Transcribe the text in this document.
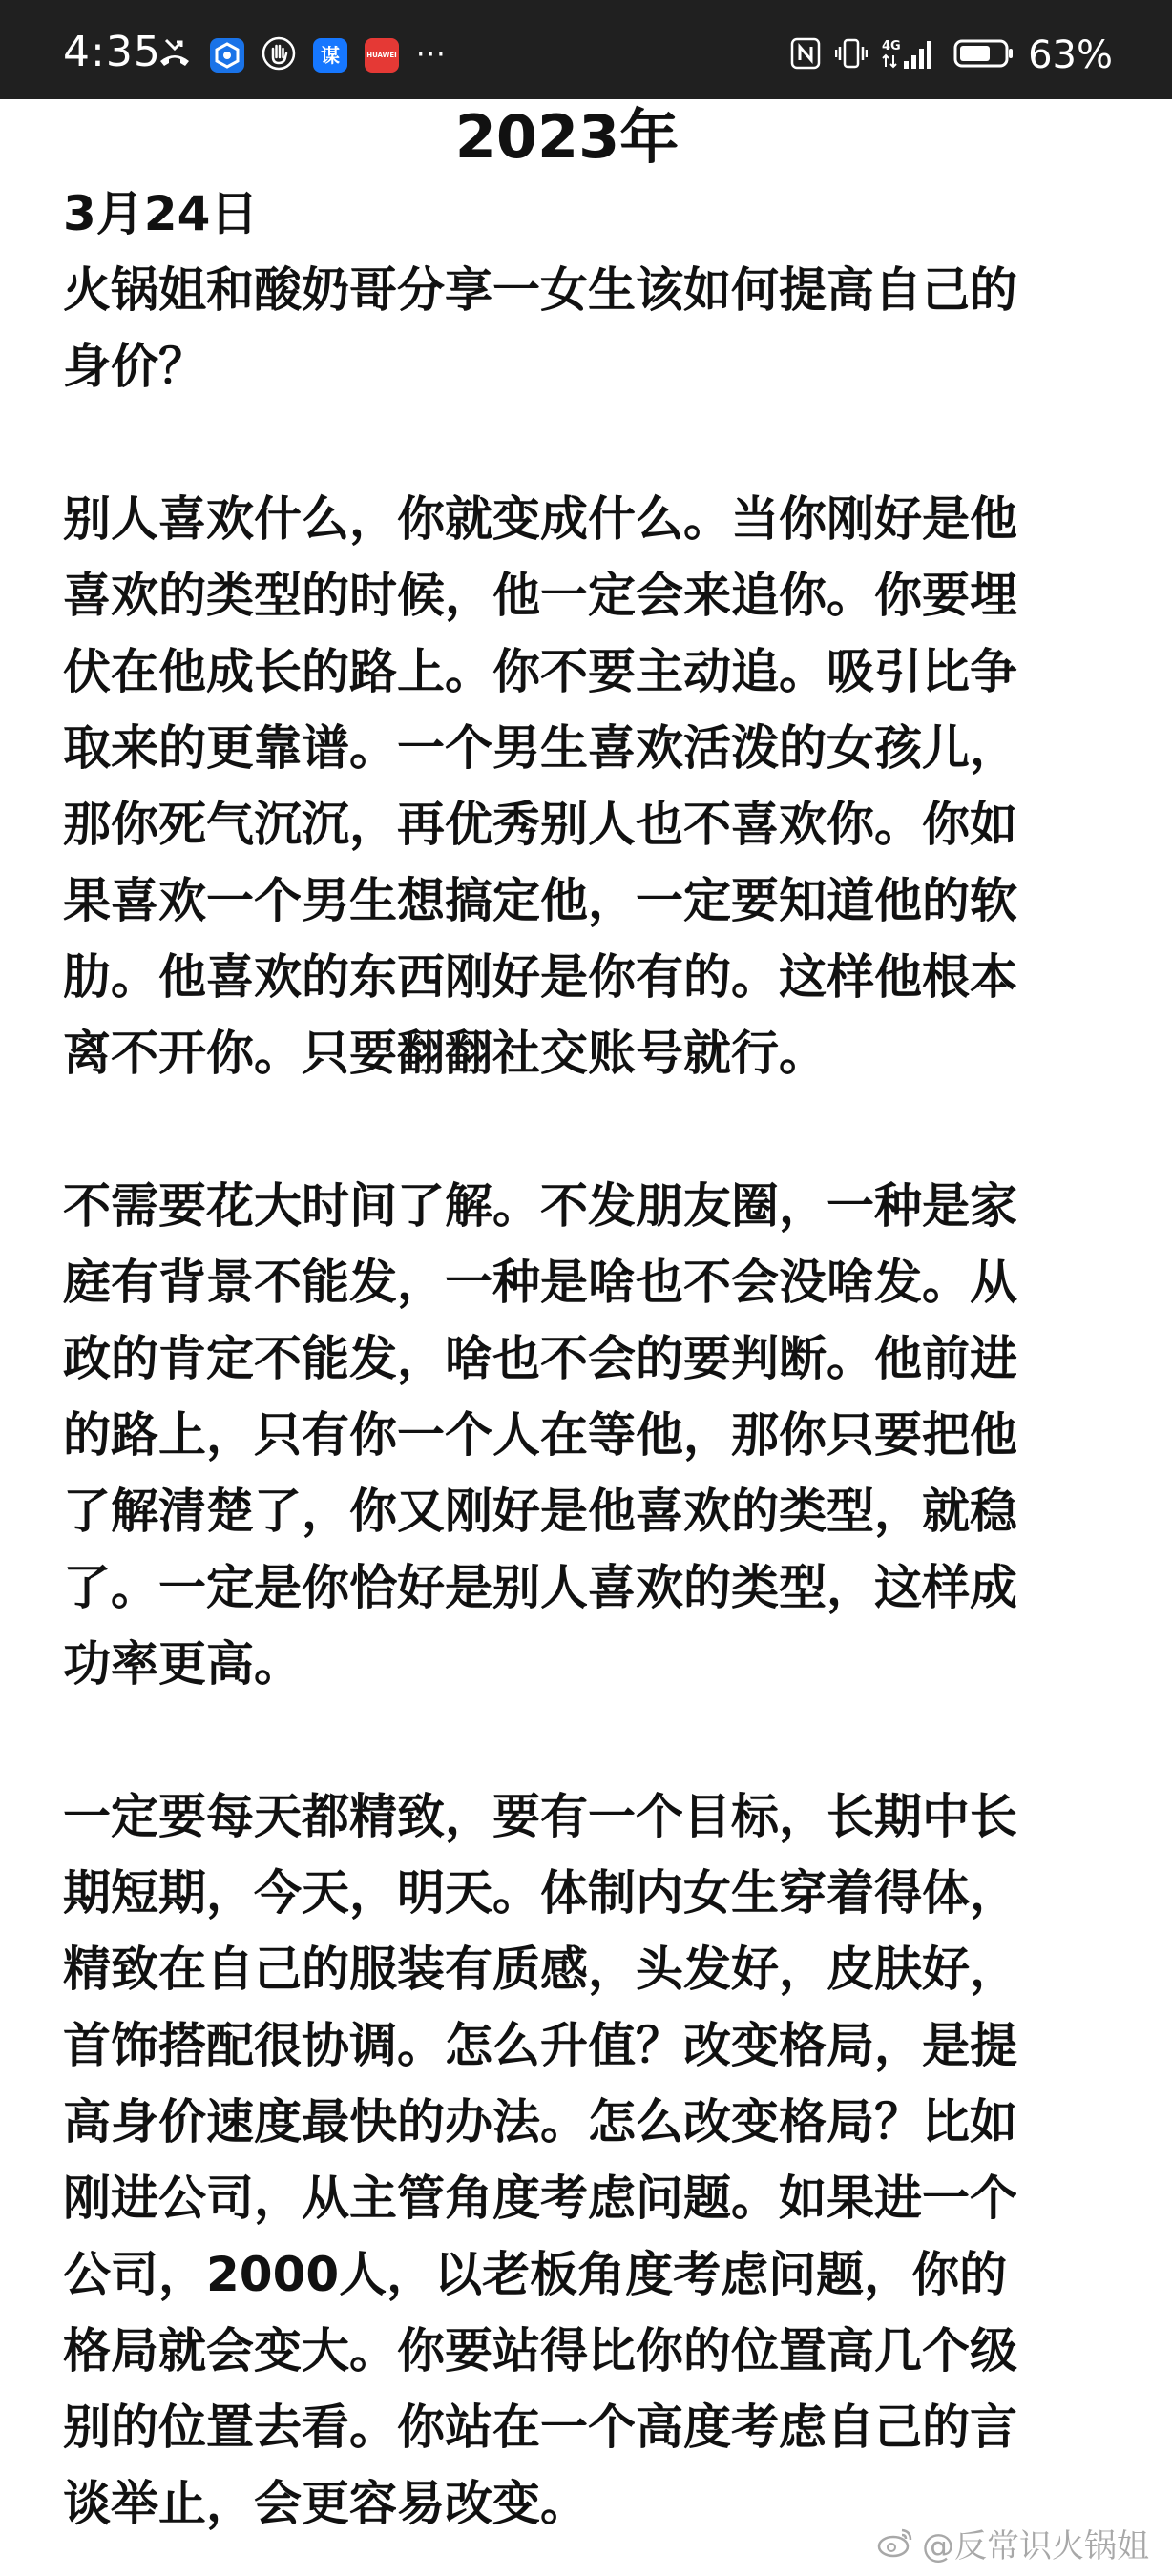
4:35	谋	HUAWEI ···	4G	63%
2023年
3月24日
火锅姐和酸奶哥分享一女生该如何提高自己的
身价？
别人喜欢什么，你就变成什么。当你刚好是他
喜欢的类型的时候，他一定会来追你。你要埋
伏在他成长的路上。你不要主动追。吸引比争
取来的更靠谱。一个男生喜欢活泼的女孩儿，
那你死气沉沉，再优秀别人也不喜欢你。你如
果喜欢一个男生想搞定他，一定要知道他的软
肋。他喜欢的东西刚好是你有的。这样他根本
离不开你。只要翻翻社交账号就行。
不需要花大时间了解。不发朋友圈，一种是家
庭有背景不能发，一种是啥也不会没啥发。从
政的肯定不能发，啥也不会的要判断。他前进
的路上，只有你一个人在等他，那你只要把他
了解清楚了，你又刚好是他喜欢的类型，就稳
了。一定是你恰好是别人喜欢的类型，这样成
功率更高。
一定要每天都精致，要有一个目标，长期中长
期短期，今天，明天。体制内女生穿着得体，
精致在自己的服装有质感，头发好，皮肤好，
首饰搭配很协调。怎么升值？改变格局，是提
高身价速度最快的办法。怎么改变格局？比如
刚进公司，从主管角度考虑问题。如果进一个
公司，2000人，以老板角度考虑问题，你的
格局就会变大。你要站得比你的位置高几个级
别的位置去看。你站在一个高度考虑自己的言
谈举止，会更容易改变。
@反常识火锅姐
